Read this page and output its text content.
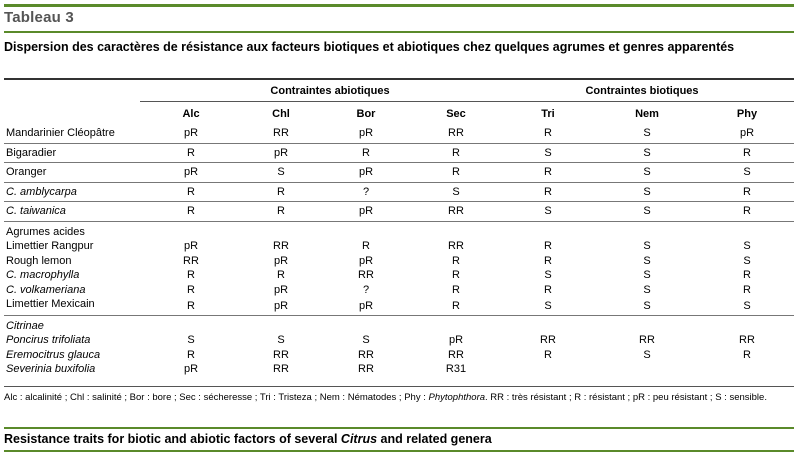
Tableau 3
Dispersion des caractères de résistance aux facteurs biotiques et abiotiques chez quelques agrumes et genres apparentés
Contraintes abiotiques	Contraintes biotiques
	Alc	Chl	Bor	Sec	Tri	Nem	Phy
Mandarinier Cléopâtre	pR	RR	pR	RR	R	S	pR
Bigaradier	R	pR	R	R	S	S	R
Oranger	pR	S	pR	R	R	S	S
C. amblycarpa	R	R	?	S	R	S	R
C. taiwanica	R	R	pR	RR	S	S	R
Agrumes acides							
Limettier Rangpur	pR	RR	R	RR	R	S	S
Rough lemon	RR	pR	pR	R	R	S	S
C. macrophylla	R	R	RR	R	S	S	R
C. volkameriana	R	pR	?	R	R	S	R
Limettier Mexicain	R	pR	pR	R	S	S	S
Citrinae							
Poncirus trifoliata	S	S	S	pR	RR	RR	RR
Eremocitrus glauca	R	RR	RR	RR	R	S	R
Severinia buxifolia	pR	RR	RR	R31			
Alc : alcalinité ; Chl : salinité ; Bor : bore ; Sec : sécheresse ; Tri : Tristeza ; Nem : Nématodes ; Phy : Phytophthora. RR : très résistant ; R : résistant ; pR : peu résistant ; S : sensible.
Resistance traits for biotic and abiotic factors of several Citrus and related genera
